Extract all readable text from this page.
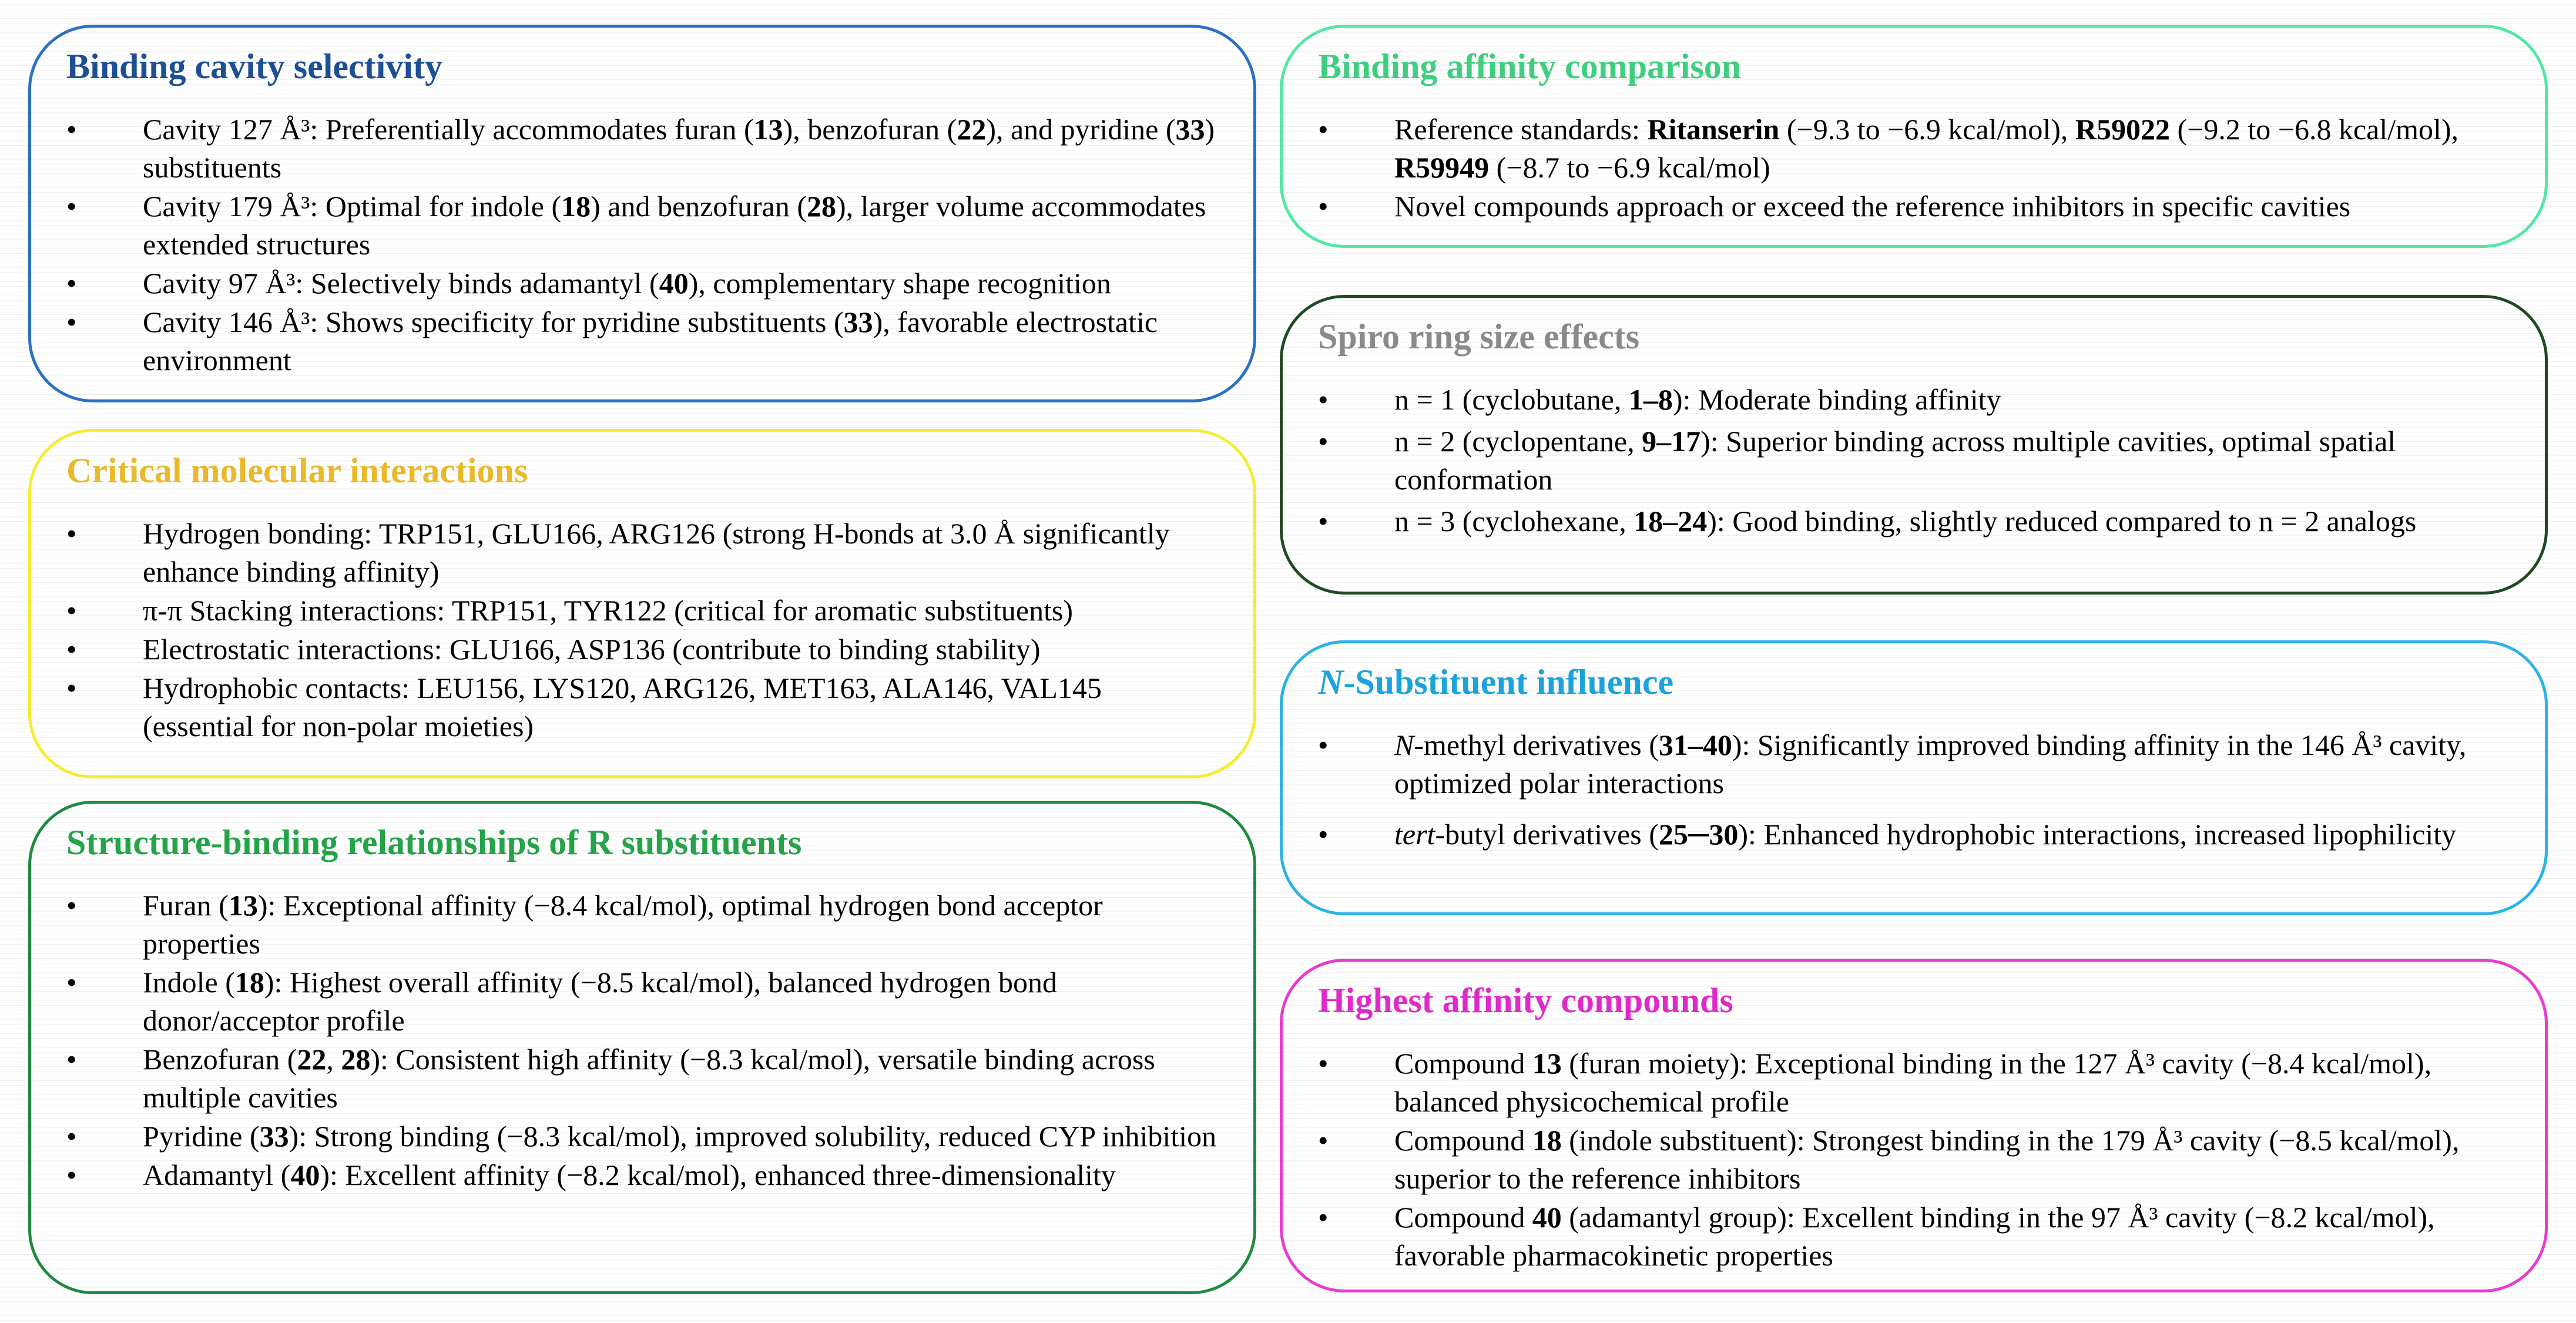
Binding cavity selectivity
• Cavity 127 Å³: Preferentially accommodates furan (13), benzofuran (22), and pyridine (33) substituents
• Cavity 179 Å³: Optimal for indole (18) and benzofuran (28), larger volume accommodates extended structures
• Cavity 97 Å³: Selectively binds adamantyl (40), complementary shape recognition
• Cavity 146 Å³: Shows specificity for pyridine substituents (33), favorable electrostatic environment
Critical molecular interactions
• Hydrogen bonding: TRP151, GLU166, ARG126 (strong H-bonds at 3.0 Å significantly enhance binding affinity)
• π-π Stacking interactions: TRP151, TYR122 (critical for aromatic substituents)
• Electrostatic interactions: GLU166, ASP136 (contribute to binding stability)
• Hydrophobic contacts: LEU156, LYS120, ARG126, MET163, ALA146, VAL145 (essential for non-polar moieties)
Structure-binding relationships of R substituents
• Furan (13): Exceptional affinity (−8.4 kcal/mol), optimal hydrogen bond acceptor properties
• Indole (18): Highest overall affinity (−8.5 kcal/mol), balanced hydrogen bond donor/acceptor profile
• Benzofuran (22, 28): Consistent high affinity (−8.3 kcal/mol), versatile binding across multiple cavities
• Pyridine (33): Strong binding (−8.3 kcal/mol), improved solubility, reduced CYP inhibition
• Adamantyl (40): Excellent affinity (−8.2 kcal/mol), enhanced three-dimensionality
Binding affinity comparison
• Reference standards: Ritanserin (−9.3 to −6.9 kcal/mol), R59022 (−9.2 to −6.8 kcal/mol), R59949 (−8.7 to −6.9 kcal/mol)
• Novel compounds approach or exceed the reference inhibitors in specific cavities
Spiro ring size effects
• n = 1 (cyclobutane, 1–8): Moderate binding affinity
• n = 2 (cyclopentane, 9–17): Superior binding across multiple cavities, optimal spatial conformation
• n = 3 (cyclohexane, 18–24): Good binding, slightly reduced compared to n = 2 analogs
N-Substituent influence
• N-methyl derivatives (31–40): Significantly improved binding affinity in the 146 Å³ cavity, optimized polar interactions
• tert-butyl derivatives (25─30): Enhanced hydrophobic interactions, increased lipophilicity
Highest affinity compounds
• Compound 13 (furan moiety): Exceptional binding in the 127 Å³ cavity (−8.4 kcal/mol), balanced physicochemical profile
• Compound 18 (indole substituent): Strongest binding in the 179 Å³ cavity (−8.5 kcal/mol), superior to the reference inhibitors
• Compound 40 (adamantyl group): Excellent binding in the 97 Å³ cavity (−8.2 kcal/mol), favorable pharmacokinetic properties
